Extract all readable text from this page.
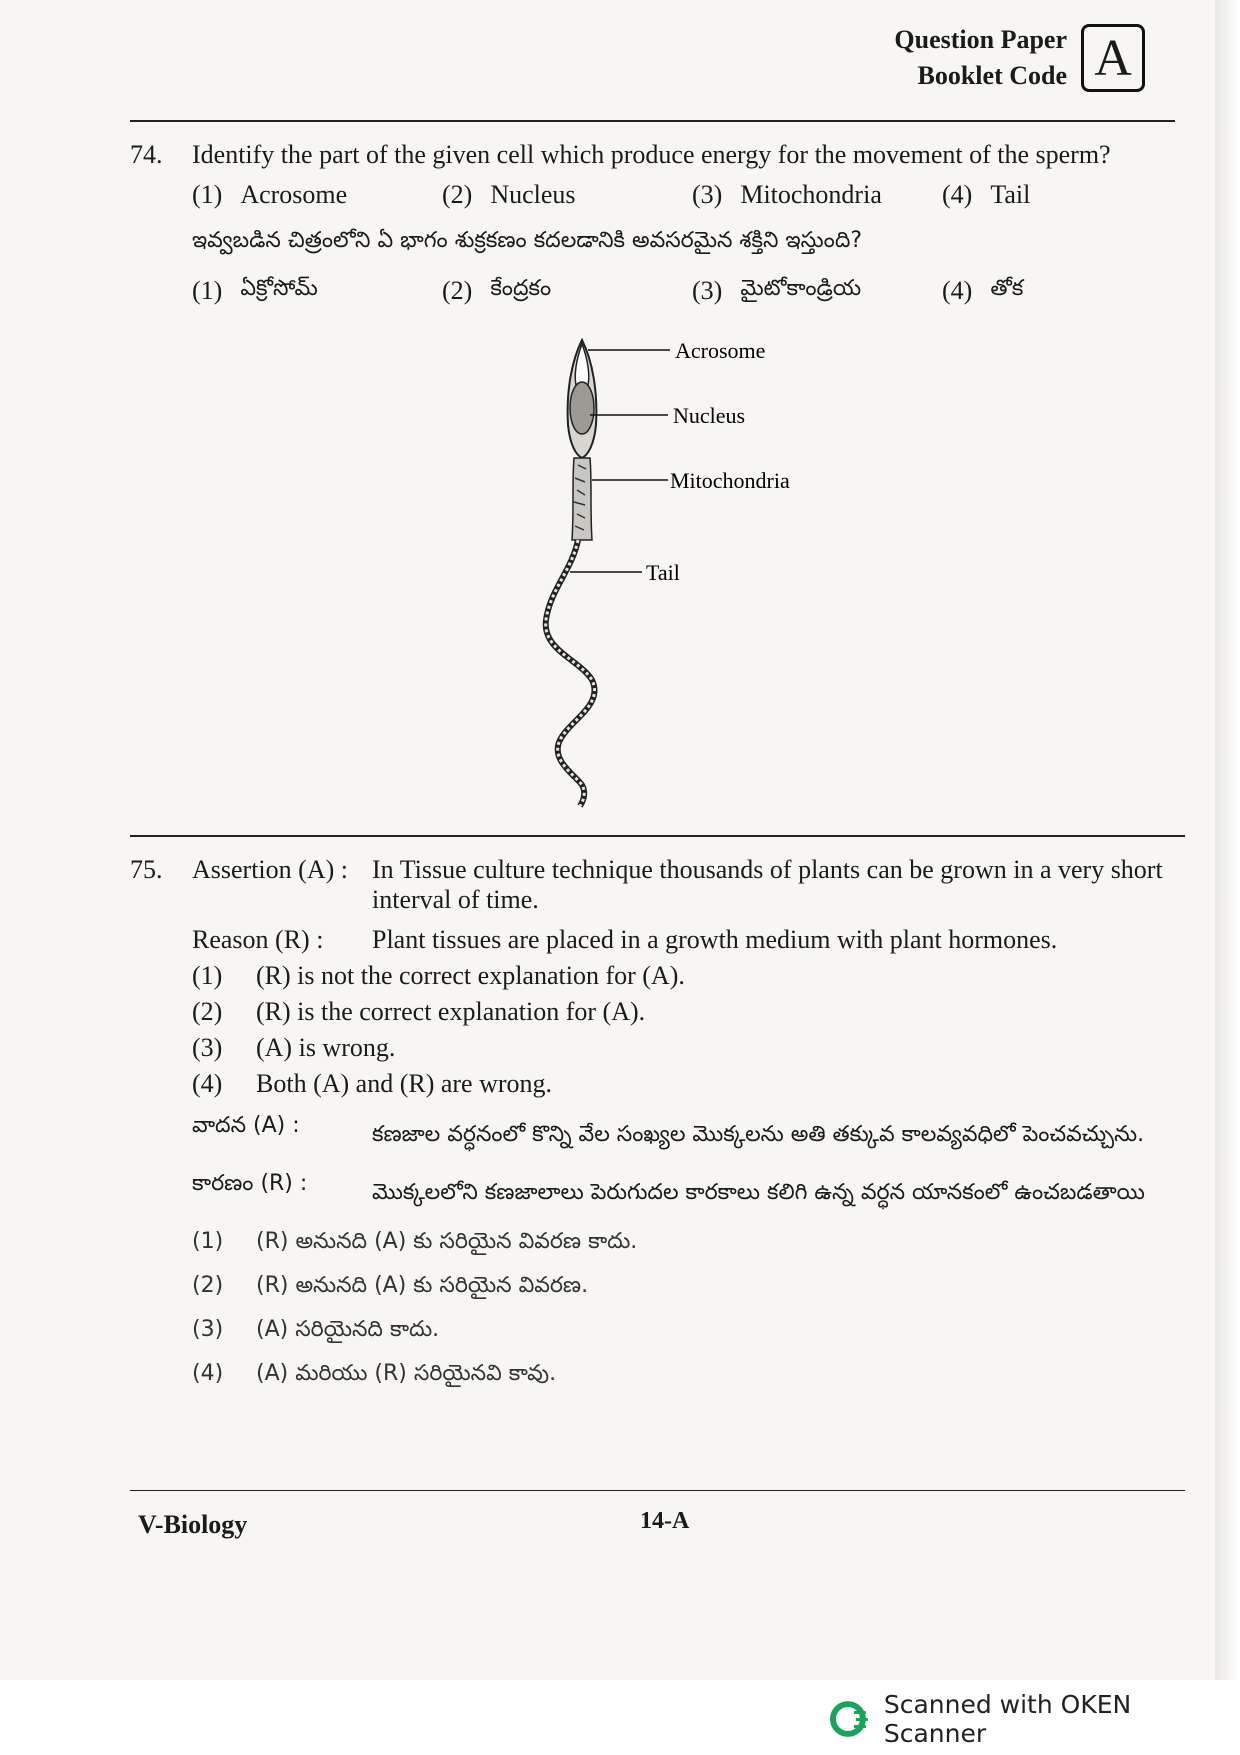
Question Paper
Booklet Code A
74.	Identify the part of the given cell which produce energy for the movement of the sperm?
(1) Acrosome	(2) Nucleus	(3) Mitochondria (4) Tail
ఇవ్వబడిన చిత్రంలోని ఏ భాగం శుక్రకణం కదలడానికి అవసరమైన శక్తిని ఇస్తుంది?
(1) ఏక్రోసోమ్	(2) కేంద్రకం	(3) మైటోకాండ్రియ	(4) తోక
Acrosome
Nucleus
Mitochondria
Tail
75.	Assertion (A) : In Tissue culture technique thousands of plants can be grown in a very short interval of time.
Reason (R) :	Plant tissues are placed in a growth medium with plant hormones.
(1)	(R) is not the correct explanation for (A).
(2)	(R) is the correct explanation for (A).
(3)	(A) is wrong.
(4)	Both (A) and (R) are wrong.
వాదన (A) :	కణజాల వర్ధనంలో కొన్ని వేల సంఖ్యల మొక్కలను అతి తక్కువ కాలవ్యవధిలో పెంచవచ్చును.
కారణం (R) :	మొక్కలలోని కణజాలాలు పెరుగుదల కారకాలు కలిగి ఉన్న వర్ధన యానకంలో ఉంచబడతాయి
(1)	(R) అనునది (A) కు సరియైన వివరణ కాదు.
(2)	(R) అనునది (A) కు సరియైన వివరణ.
(3)	(A) సరియైనది కాదు.
(4)	(A) మరియు (R) సరియైనవి కావు.
V-Biology	14-A
Scanned with OKEN Scanner
